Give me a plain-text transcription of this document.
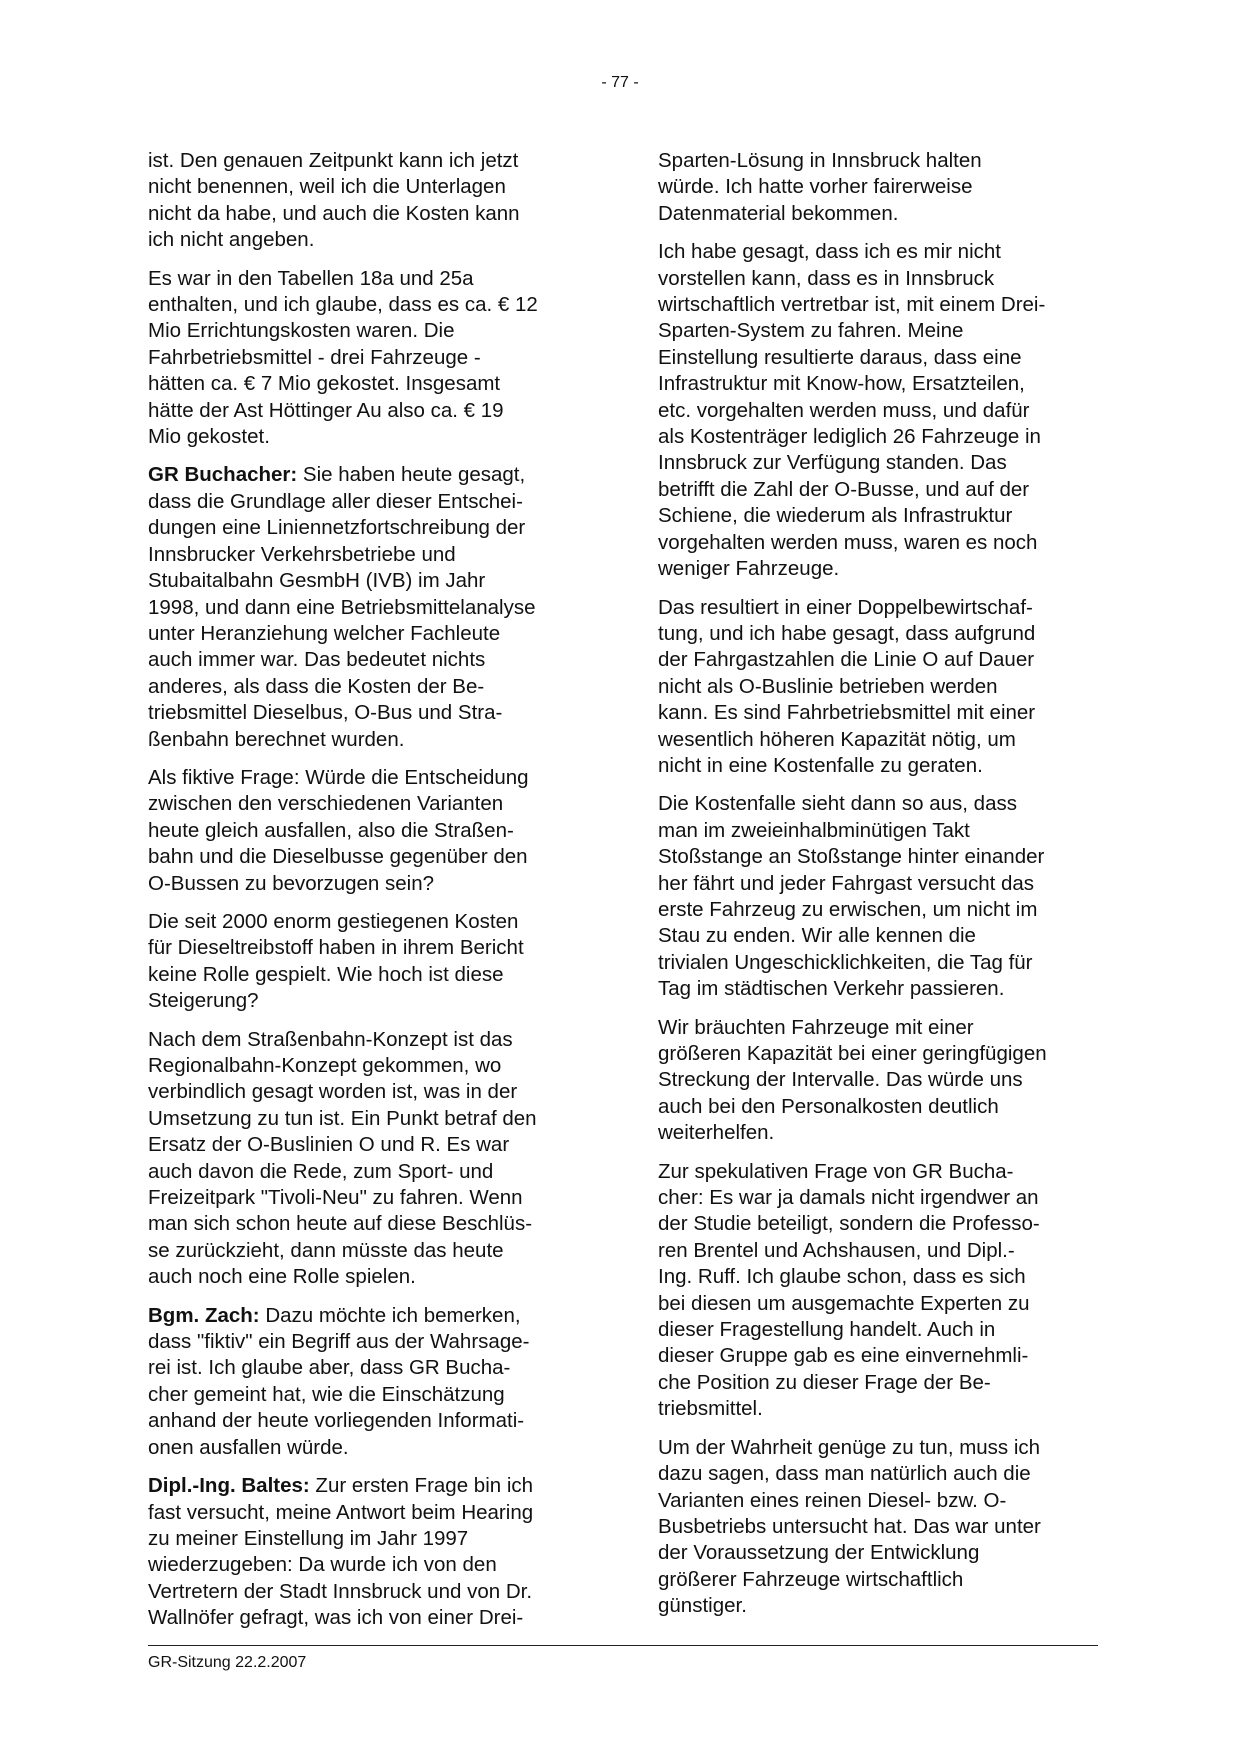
- 77 -

ist. Den genauen Zeitpunkt kann ich jetzt
nicht benennen, weil ich die Unterlagen
nicht da habe, und auch die Kosten kann
ich nicht angeben.

Es war in den Tabellen 18a und 25a
enthalten, und ich glaube, dass es ca. € 12
Mio Errichtungskosten waren. Die
Fahrbetriebsmittel - drei Fahrzeuge -
hätten ca. € 7 Mio gekostet. Insgesamt
hätte der Ast Höttinger Au also ca. € 19
Mio gekostet.

GR Buchacher: Sie haben heute gesagt,
dass die Grundlage aller dieser Entschei-
dungen eine Liniennetzfortschreibung der
Innsbrucker Verkehrsbetriebe und
Stubaitalbahn GesmbH (IVB) im Jahr
1998, und dann eine Betriebsmittelanalyse
unter Heranziehung welcher Fachleute
auch immer war. Das bedeutet nichts
anderes, als dass die Kosten der Be-
triebsmittel Dieselbus, O-Bus und Stra-
ßenbahn berechnet wurden.

Als fiktive Frage: Würde die Entscheidung
zwischen den verschiedenen Varianten
heute gleich ausfallen, also die Straßen-
bahn und die Dieselbusse gegenüber den
O-Bussen zu bevorzugen sein?

Die seit 2000 enorm gestiegenen Kosten
für Dieseltreibstoff haben in ihrem Bericht
keine Rolle gespielt. Wie hoch ist diese
Steigerung?

Nach dem Straßenbahn-Konzept ist das
Regionalbahn-Konzept gekommen, wo
verbindlich gesagt worden ist, was in der
Umsetzung zu tun ist. Ein Punkt betraf den
Ersatz der O-Buslinien O und R. Es war
auch davon die Rede, zum Sport- und
Freizeitpark "Tivoli-Neu" zu fahren. Wenn
man sich schon heute auf diese Beschlüs-
se zurückzieht, dann müsste das heute
auch noch eine Rolle spielen.

Bgm. Zach: Dazu möchte ich bemerken,
dass "fiktiv" ein Begriff aus der Wahrsage-
rei ist. Ich glaube aber, dass GR Bucha-
cher gemeint hat, wie die Einschätzung
anhand der heute vorliegenden Informati-
onen ausfallen würde.

Dipl.-Ing. Baltes: Zur ersten Frage bin ich
fast versucht, meine Antwort beim Hearing
zu meiner Einstellung im Jahr 1997
wiederzugeben: Da wurde ich von den
Vertretern der Stadt Innsbruck und von Dr.
Wallnöfer gefragt, was ich von einer Drei-

Sparten-Lösung in Innsbruck halten
würde. Ich hatte vorher fairerweise
Datenmaterial bekommen.

Ich habe gesagt, dass ich es mir nicht
vorstellen kann, dass es in Innsbruck
wirtschaftlich vertretbar ist, mit einem Drei-
Sparten-System zu fahren. Meine
Einstellung resultierte daraus, dass eine
Infrastruktur mit Know-how, Ersatzteilen,
etc. vorgehalten werden muss, und dafür
als Kostenträger lediglich 26 Fahrzeuge in
Innsbruck zur Verfügung standen. Das
betrifft die Zahl der O-Busse, und auf der
Schiene, die wiederum als Infrastruktur
vorgehalten werden muss, waren es noch
weniger Fahrzeuge.

Das resultiert in einer Doppelbewirtschaf-
tung, und ich habe gesagt, dass aufgrund
der Fahrgastzahlen die Linie O auf Dauer
nicht als O-Buslinie betrieben werden
kann. Es sind Fahrbetriebsmittel mit einer
wesentlich höheren Kapazität nötig, um
nicht in eine Kostenfalle zu geraten.

Die Kostenfalle sieht dann so aus, dass
man im zweieinhalbminütigen Takt
Stoßstange an Stoßstange hinter einander
her fährt und jeder Fahrgast versucht das
erste Fahrzeug zu erwischen, um nicht im
Stau zu enden. Wir alle kennen die
trivialen Ungeschicklichkeiten, die Tag für
Tag im städtischen Verkehr passieren.

Wir bräuchten Fahrzeuge mit einer
größeren Kapazität bei einer geringfügigen
Streckung der Intervalle. Das würde uns
auch bei den Personalkosten deutlich
weiterhelfen.

Zur spekulativen Frage von GR Bucha-
cher: Es war ja damals nicht irgendwer an
der Studie beteiligt, sondern die Professo-
ren Brentel und Achshausen, und Dipl.-
Ing. Ruff. Ich glaube schon, dass es sich
bei diesen um ausgemachte Experten zu
dieser Fragestellung handelt. Auch in
dieser Gruppe gab es eine einvernehmli-
che Position zu dieser Frage der Be-
triebsmittel.

Um der Wahrheit genüge zu tun, muss ich
dazu sagen, dass man natürlich auch die
Varianten eines reinen Diesel- bzw. O-
Busbetriebs untersucht hat. Das war unter
der Voraussetzung der Entwicklung
größerer Fahrzeuge wirtschaftlich
günstiger.

GR-Sitzung 22.2.2007
